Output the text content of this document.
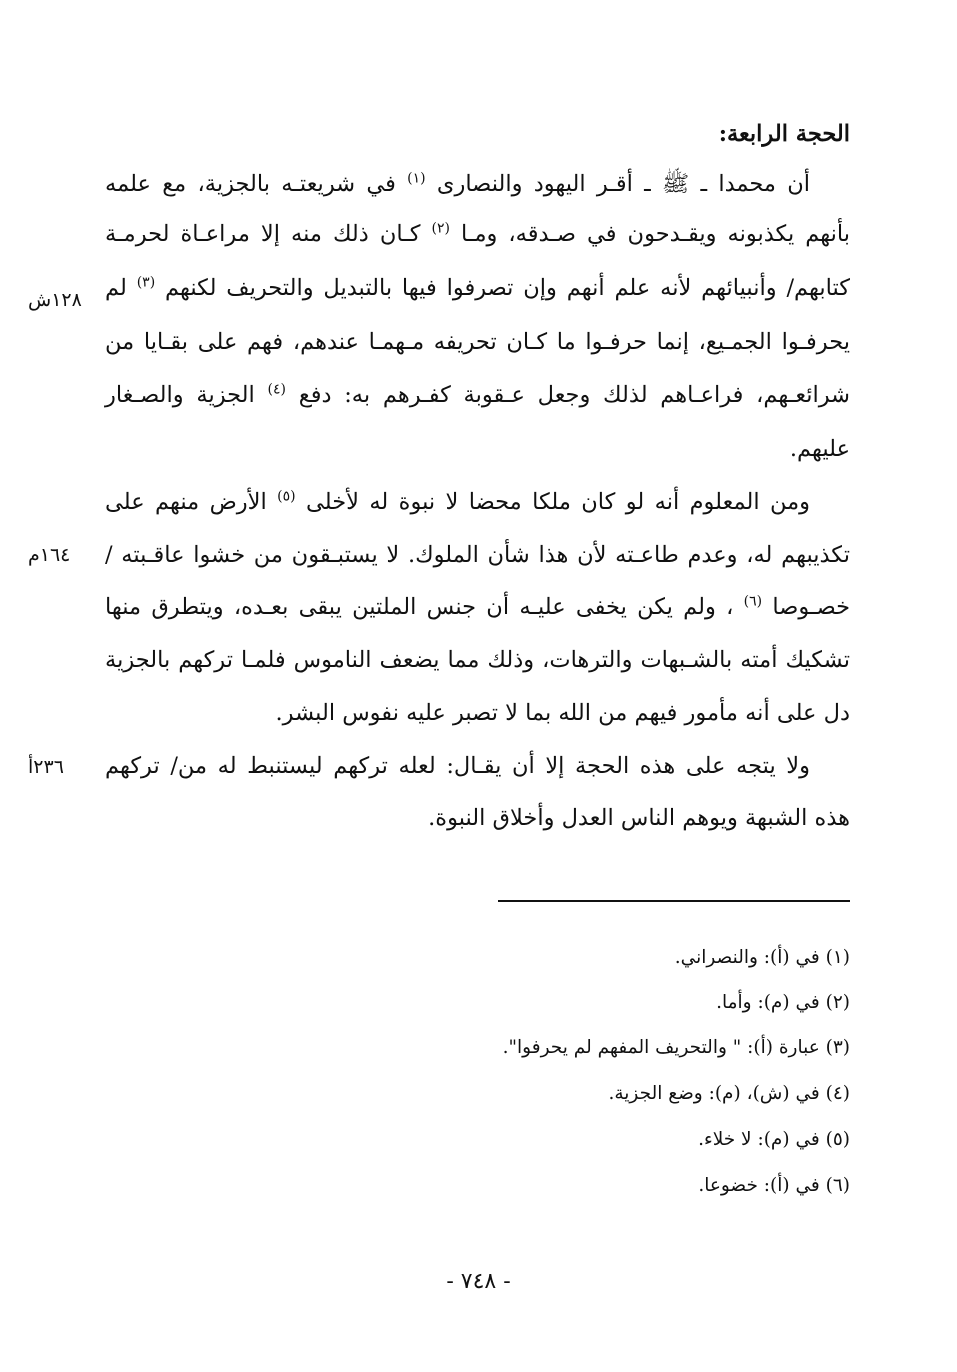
الحجة الرابعة:
أن محمدا ـ ﷺ ـ أقـر اليهود والنصارى $^{(١)}$ في شريعتـه بالجزية، مع علمه
بأنهم يكذبونه ويقـدحون في صـدقه، ومـا $^{(٢)}$ كـان ذلك منه إلا مراعـاة لحرمـة
كتابهم/ وأنبيائهم لأنه علم أنهم وإن تصرفوا فيها بالتبديل والتحريف لكنهم $^{(٣)}$ لم
يحرفـوا الجمـيع، إنما حرفـوا ما كـان تحريفه مـهمـا عندهم، فهم على بقـايا من
شرائعـهم، فراعـاهم لذلك وجعل عـقوبة كفـرهم به: دفع $^{(٤)}$ الجزية والصـغار
عليهم.
ومن المعلوم أنه لو كان ملكا محضا لا نبوة له لأخلى $^{(٥)}$ الأرض منهم على
تكذيبهم له، وعدم طاعـته لأن هذا شأن الملوك. لا يستبـقون من خشوا عاقـبته /
خصـوصا $^{(٦)}$ ، ولم يكن يخفى عليـه أن جنس الملتين يبقى بعـده، ويتطرق منها
تشكيك أمته بالشـبهات والترهات، وذلك مما يضعف الناموس فلمـا تركهم بالجزية
دل على أنه مأمور فيهم من الله بما لا تصبر عليه نفوس البشر.
ولا يتجه على هذه الحجة إلا أن يقـال: لعله تركهم ليستنبط له من/ تركهم
هذه الشبهة ويوهم الناس العدل وأخلاق النبوة.
١٢٨ش
١٦٤م
٢٣٦أ
(١) في (أ): والنصراني.
(٢) في (م): وأما.
(٣) عبارة (أ): " والتحريف المفهم لم يحرفوا".
(٤) في (ش)، (م): وضع الجزية.
(٥) في (م): لا خلاء.
(٦) في (أ): خضوعا.
- ٧٤٨ -
